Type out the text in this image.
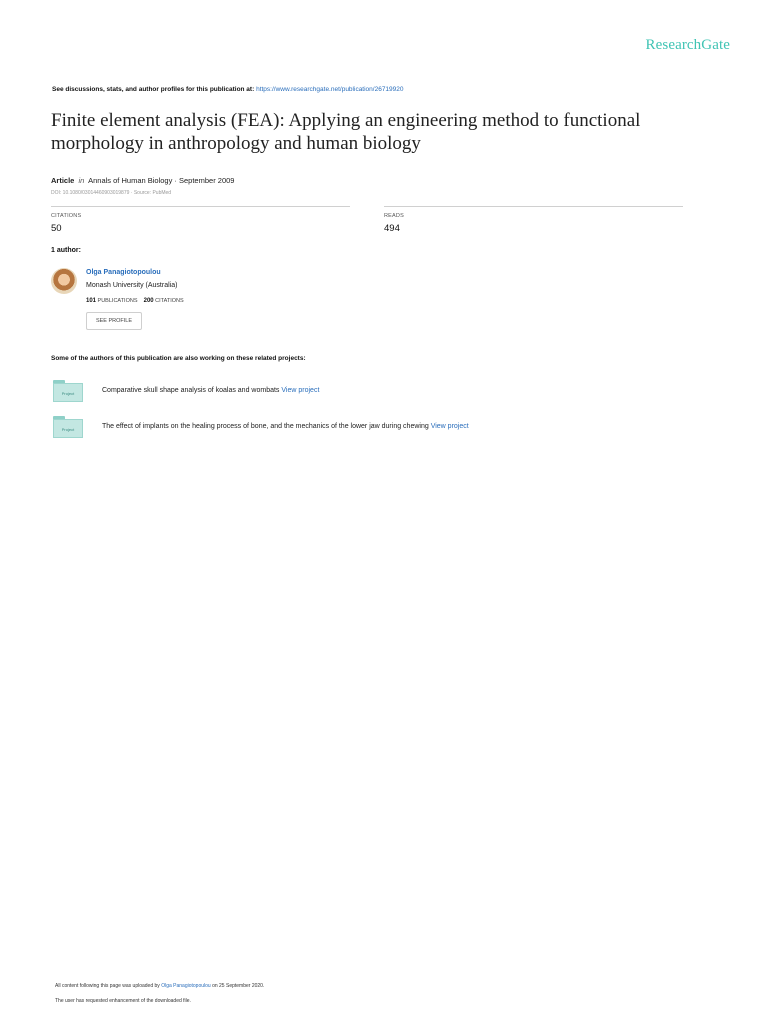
ResearchGate
See discussions, stats, and author profiles for this publication at: https://www.researchgate.net/publication/26719920
Finite element analysis (FEA): Applying an engineering method to functional morphology in anthropology and human biology
Article in Annals of Human Biology · September 2009
DOI: 10.1080/03014460903019879 · Source: PubMed
CITATIONS
50
READS
494
1 author:
Olga Panagiotopoulou
Monash University (Australia)
101 PUBLICATIONS 200 CITATIONS
SEE PROFILE
Some of the authors of this publication are also working on these related projects:
Project	Comparative skull shape analysis of koalas and wombats View project
Project	The effect of implants on the healing process of bone, and the mechanics of the lower jaw during chewing View project
All content following this page was uploaded by Olga Panagiotopoulou on 25 September 2020.
The user has requested enhancement of the downloaded file.
